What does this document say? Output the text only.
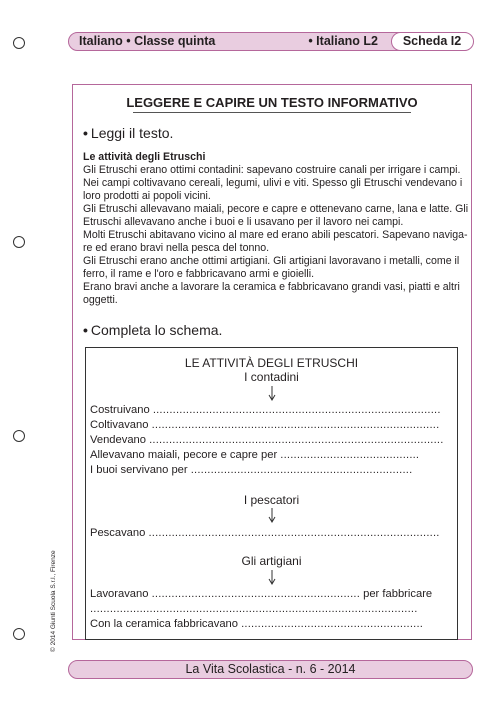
Italiano • Classe quinta	• Italiano L2	Scheda I2
LEGGERE E CAPIRE UN TESTO INFORMATIVO
• Leggi il testo.
Le attività degli Etruschi
Gli Etruschi erano ottimi contadini: sapevano costruire canali per irrigare i campi.
Nei campi coltivavano cereali, legumi, ulivi e viti. Spesso gli Etruschi vendevano i
loro prodotti ai popoli vicini.
Gli Etruschi allevavano maiali, pecore e capre e ottenevano carne, lana e latte. Gli
Etruschi allevavano anche i buoi e li usavano per il lavoro nei campi.
Molti Etruschi abitavano vicino al mare ed erano abili pescatori. Sapevano naviga-
re ed erano bravi nella pesca del tonno.
Gli Etruschi erano anche ottimi artigiani. Gli artigiani lavoravano i metalli, come il
ferro, il rame e l'oro e fabbricavano armi e gioielli.
Erano bravi anche a lavorare la ceramica e fabbricavano grandi vasi, piatti e altri
oggetti.
• Completa lo schema.
LE ATTIVITÀ DEGLI ETRUSCHI
I contadini
Costruivano .......................................................................................
Coltivavano .......................................................................................
Vendevano .........................................................................................
Allevavano maiali, pecore e capre per ..........................................
I buoi servivano per ...................................................................
I pescatori
Pescavano ........................................................................................
Gli artigiani
Lavoravano ............................................................... per fabbricare
...................................................................................................
Con la ceramica fabbricavano .......................................................
© 2014 Giunti Scuola S.r.l., Firenze
La Vita Scolastica - n. 6 - 2014
